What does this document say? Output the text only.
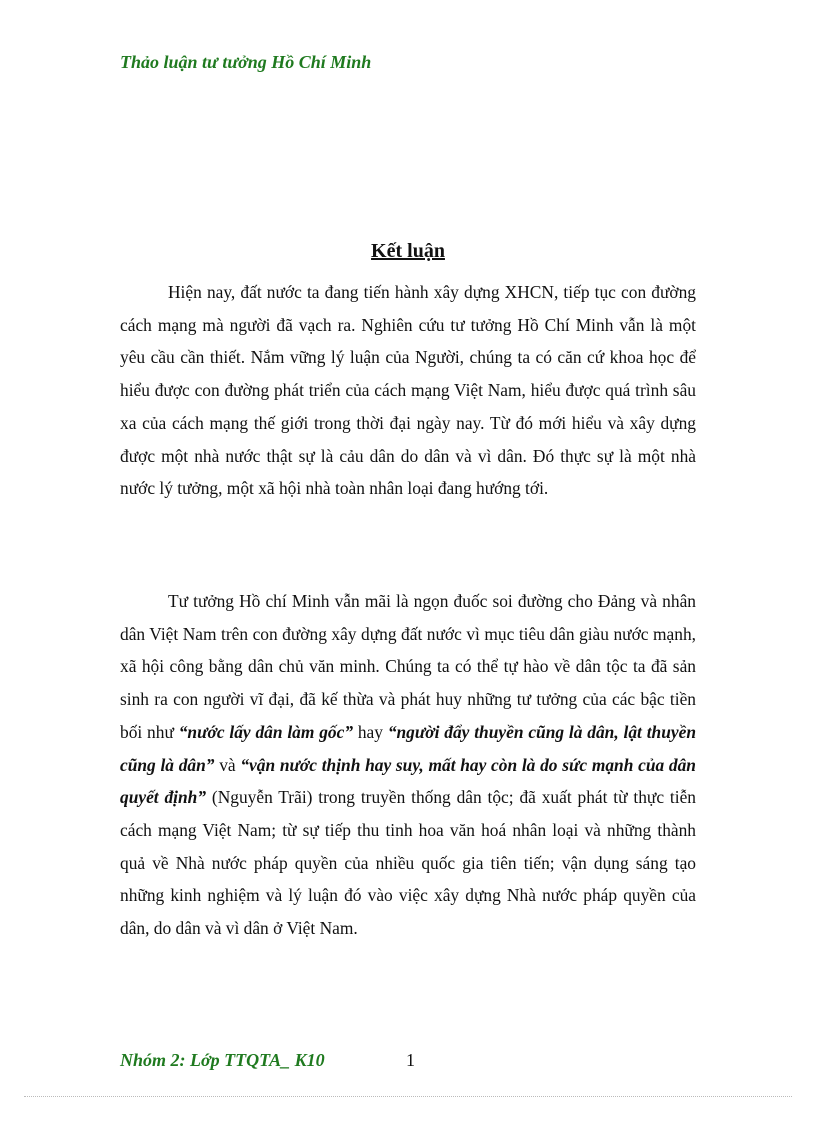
Thảo luận tư tưởng Hồ Chí Minh
Kết luận

Hiện nay, đất nước ta đang tiến hành xây dựng XHCN, tiếp tục con đường cách mạng mà người đã vạch ra. Nghiên cứu tư tưởng Hồ Chí Minh vẫn là một yêu cầu cần thiết. Nắm vững lý luận của Người, chúng ta có căn cứ khoa học để hiểu được con đường phát triển của cách mạng Việt Nam, hiểu được quá trình sâu xa của cách mạng thế giới trong thời đại ngày nay. Từ đó mới hiểu và xây dựng được một nhà nước thật sự là cảu dân do dân và vì dân. Đó thực sự là một nhà nước lý tưởng, một xã hội nhà toàn nhân loại đang hướng tới.

Tư tưởng Hồ chí Minh vẫn mãi là ngọn đuốc soi đường cho Đảng và nhân dân Việt Nam trên con đường xây dựng đất nước vì mục tiêu dân giàu nước mạnh, xã hội công bằng dân chủ văn minh. Chúng ta có thể tự hào về dân tộc ta đã sản sinh ra con người vĩ đại, đã kế thừa và phát huy những tư tưởng của các bậc tiền bối như “nước lấy dân làm gốc” hay “người đẩy thuyền cũng là dân, lật thuyền cũng là dân” và “vận nước thịnh hay suy, mất hay còn là do sức mạnh của dân quyết định” (Nguyễn Trãi) trong truyền thống dân tộc; đã xuất phát từ thực tiễn cách mạng Việt Nam; từ sự tiếp thu tinh hoa văn hoá nhân loại và những thành quả về Nhà nước pháp quyền của nhiều quốc gia tiên tiến; vận dụng sáng tạo những kinh nghiệm và lý luận đó vào việc xây dựng Nhà nước pháp quyền của dân, do dân và vì dân ở Việt Nam.

Nhóm 2: Lớp TTQTA_ K10	1
